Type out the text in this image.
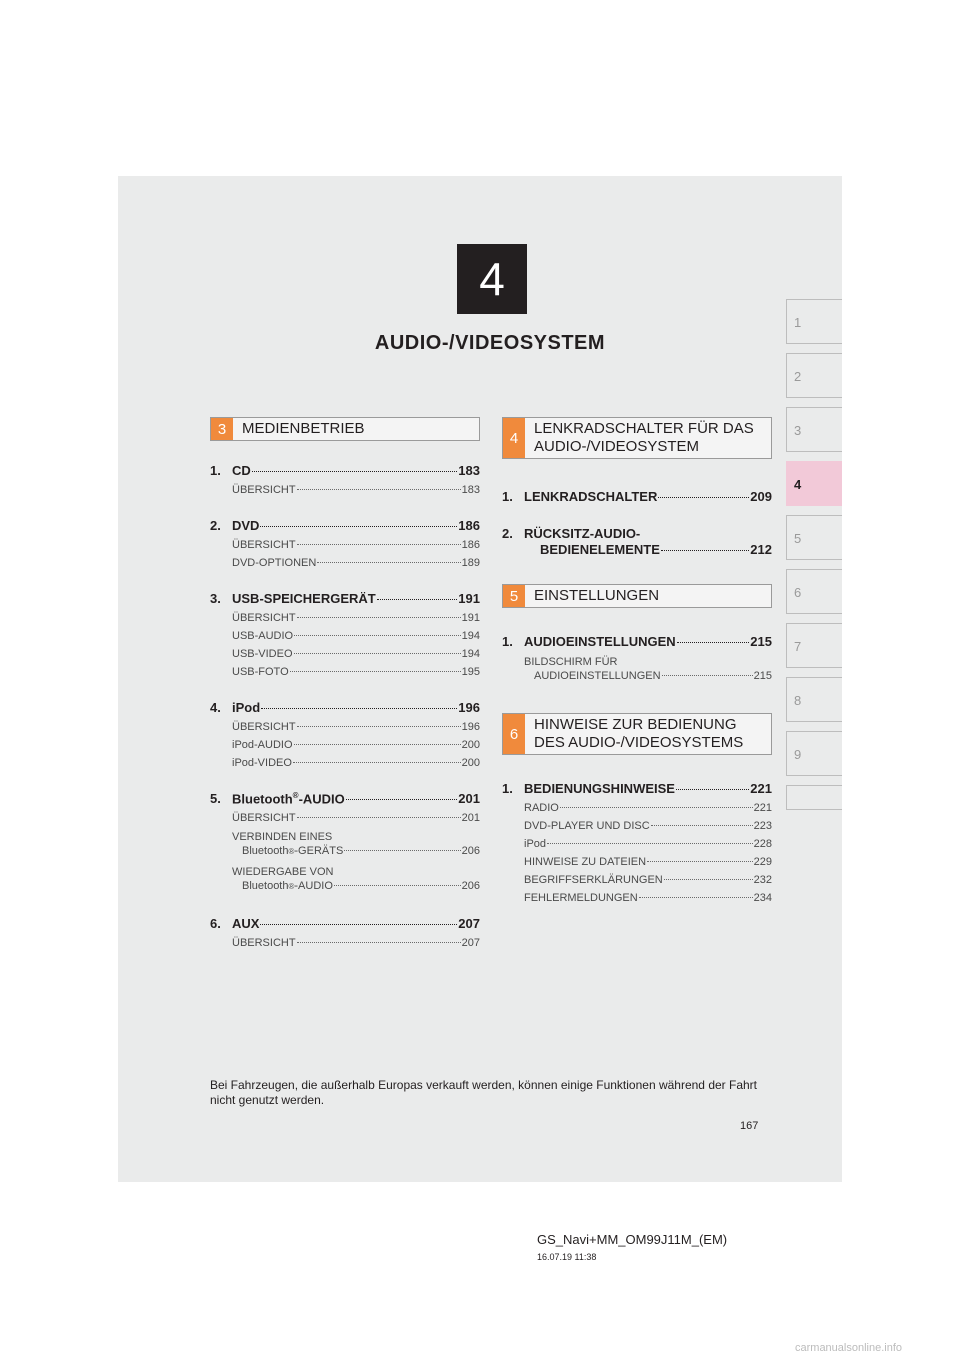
4
AUDIO-/VIDEOSYSTEM
1
2
3
4
5
6
7
8
9
3	MEDIENBETRIEB
1. CD	183
ÜBERSICHT	183
2. DVD	186
ÜBERSICHT	186
DVD-OPTIONEN	189
3. USB-SPEICHERGERÄT	191
ÜBERSICHT	191
USB-AUDIO	194
USB-VIDEO	194
USB-FOTO	195
4. iPod	196
ÜBERSICHT	196
iPod-AUDIO	200
iPod-VIDEO	200
5. Bluetooth®-AUDIO	201
ÜBERSICHT	201
VERBINDEN EINES
Bluetooth ® -GERÄTS	206
WIEDERGABE VON
Bluetooth ® -AUDIO	206
6. AUX	207
ÜBERSICHT	207
4
LENKRADSCHALTER FÜR DAS
AUDIO-/VIDEOSYSTEM
1. LENKRADSCHALTER	209
2. RÜCKSITZ-AUDIO-
BEDIENELEMENTE	212
5	EINSTELLUNGEN
1. AUDIOEINSTELLUNGEN	215
BILDSCHIRM FÜR
AUDIOEINSTELLUNGEN	215
6
HINWEISE ZUR BEDIENUNG
DES AUDIO-/VIDEOSYSTEMS
1. BEDIENUNGSHINWEISE	221
RADIO	221
DVD-PLAYER UND DISC	223
iPod	228
HINWEISE ZU DATEIEN	229
BEGRIFFSERKLÄRUNGEN	232
FEHLERMELDUNGEN	234
Bei Fahrzeugen, die außerhalb Europas verkauft werden, können einige Funktionen während der Fahrt nicht genutzt werden.
167
GS_Navi+MM_OM99J11M_(EM)
16.07.19 11:38
carmanualsonline.info
